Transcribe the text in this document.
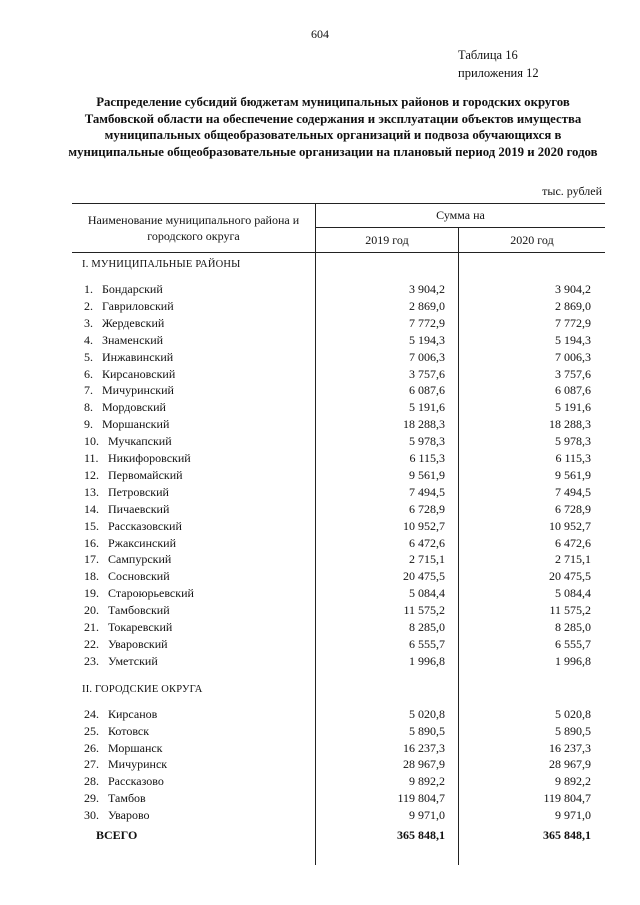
604
Таблица 16
приложения 12
Распределение субсидий бюджетам муниципальных районов и городских округов Тамбовской области на обеспечение содержания и эксплуатации объектов имущества муниципальных общеобразовательных организаций и подвоза обучающихся в муниципальные общеобразовательные организации на плановый период 2019 и 2020 годов
тыс. рублей
Наименование муниципального района и городского округа
Сумма на
2019 год	2020 год
I. МУНИЦИПАЛЬНЫЕ РАЙОНЫ
1. Бондарский	3 904,2	3 904,2
2. Гавриловский	2 869,0	2 869,0
3. Жердевский	7 772,9	7 772,9
4. Знаменский	5 194,3	5 194,3
5. Инжавинский	7 006,3	7 006,3
6. Кирсановский	3 757,6	3 757,6
7. Мичуринский	6 087,6	6 087,6
8. Мордовский	5 191,6	5 191,6
9. Моршанский	18 288,3	18 288,3
10. Мучкапский	5 978,3	5 978,3
11. Никифоровский	6 115,3	6 115,3
12. Первомайский	9 561,9	9 561,9
13. Петровский	7 494,5	7 494,5
14. Пичаевский	6 728,9	6 728,9
15. Рассказовский	10 952,7	10 952,7
16. Ржаксинский	6 472,6	6 472,6
17. Сампурский	2 715,1	2 715,1
18. Сосновский	20 475,5	20 475,5
19. Староюрьевский	5 084,4	5 084,4
20. Тамбовский	11 575,2	11 575,2
21. Токаревский	8 285,0	8 285,0
22. Уваровский	6 555,7	6 555,7
23. Уметский	1 996,8	1 996,8
II. ГОРОДСКИЕ ОКРУГА
24. Кирсанов	5 020,8	5 020,8
25. Котовск	5 890,5	5 890,5
26. Моршанск	16 237,3	16 237,3
27. Мичуринск	28 967,9	28 967,9
28. Рассказово	9 892,2	9 892,2
29. Тамбов	119 804,7	119 804,7
30. Уварово	9 971,0	9 971,0
ВСЕГО	365 848,1	365 848,1
